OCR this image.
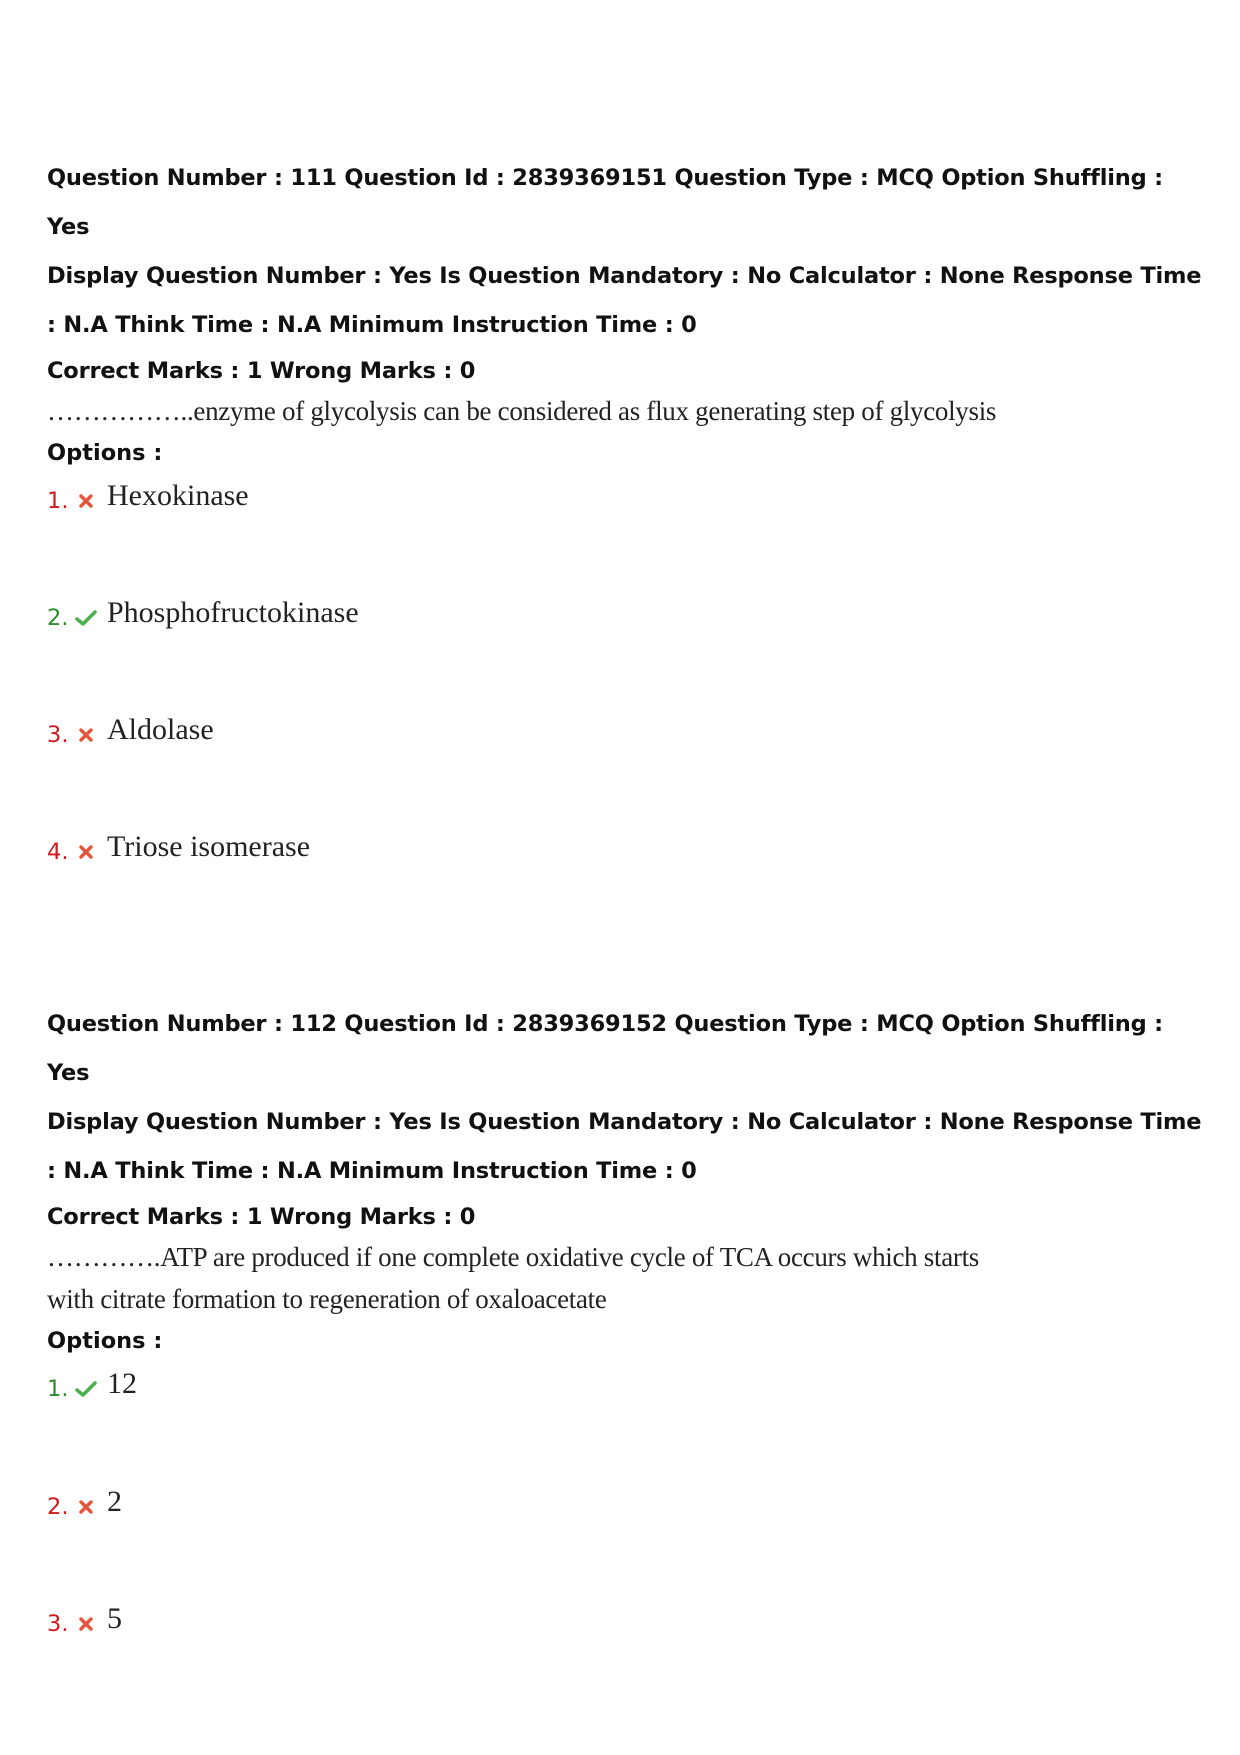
Question Number : 111 Question Id : 2839369151 Question Type : MCQ Option Shuffling : Yes
Display Question Number : Yes Is Question Mandatory : No Calculator : None Response Time
: N.A Think Time : N.A Minimum Instruction Time : 0
Correct Marks : 1 Wrong Marks : 0
……………..enzyme of glycolysis can be considered as flux generating step of glycolysis
Options :
1. Hexokinase
2. Phosphofructokinase
3. Aldolase
4. Triose isomerase
Question Number : 112 Question Id : 2839369152 Question Type : MCQ Option Shuffling : Yes
Display Question Number : Yes Is Question Mandatory : No Calculator : None Response Time
: N.A Think Time : N.A Minimum Instruction Time : 0
Correct Marks : 1 Wrong Marks : 0
………….ATP are produced if one complete oxidative cycle of TCA occurs which starts
with citrate formation to regeneration of oxaloacetate
Options :
1. 12
2. 2
3. 5
